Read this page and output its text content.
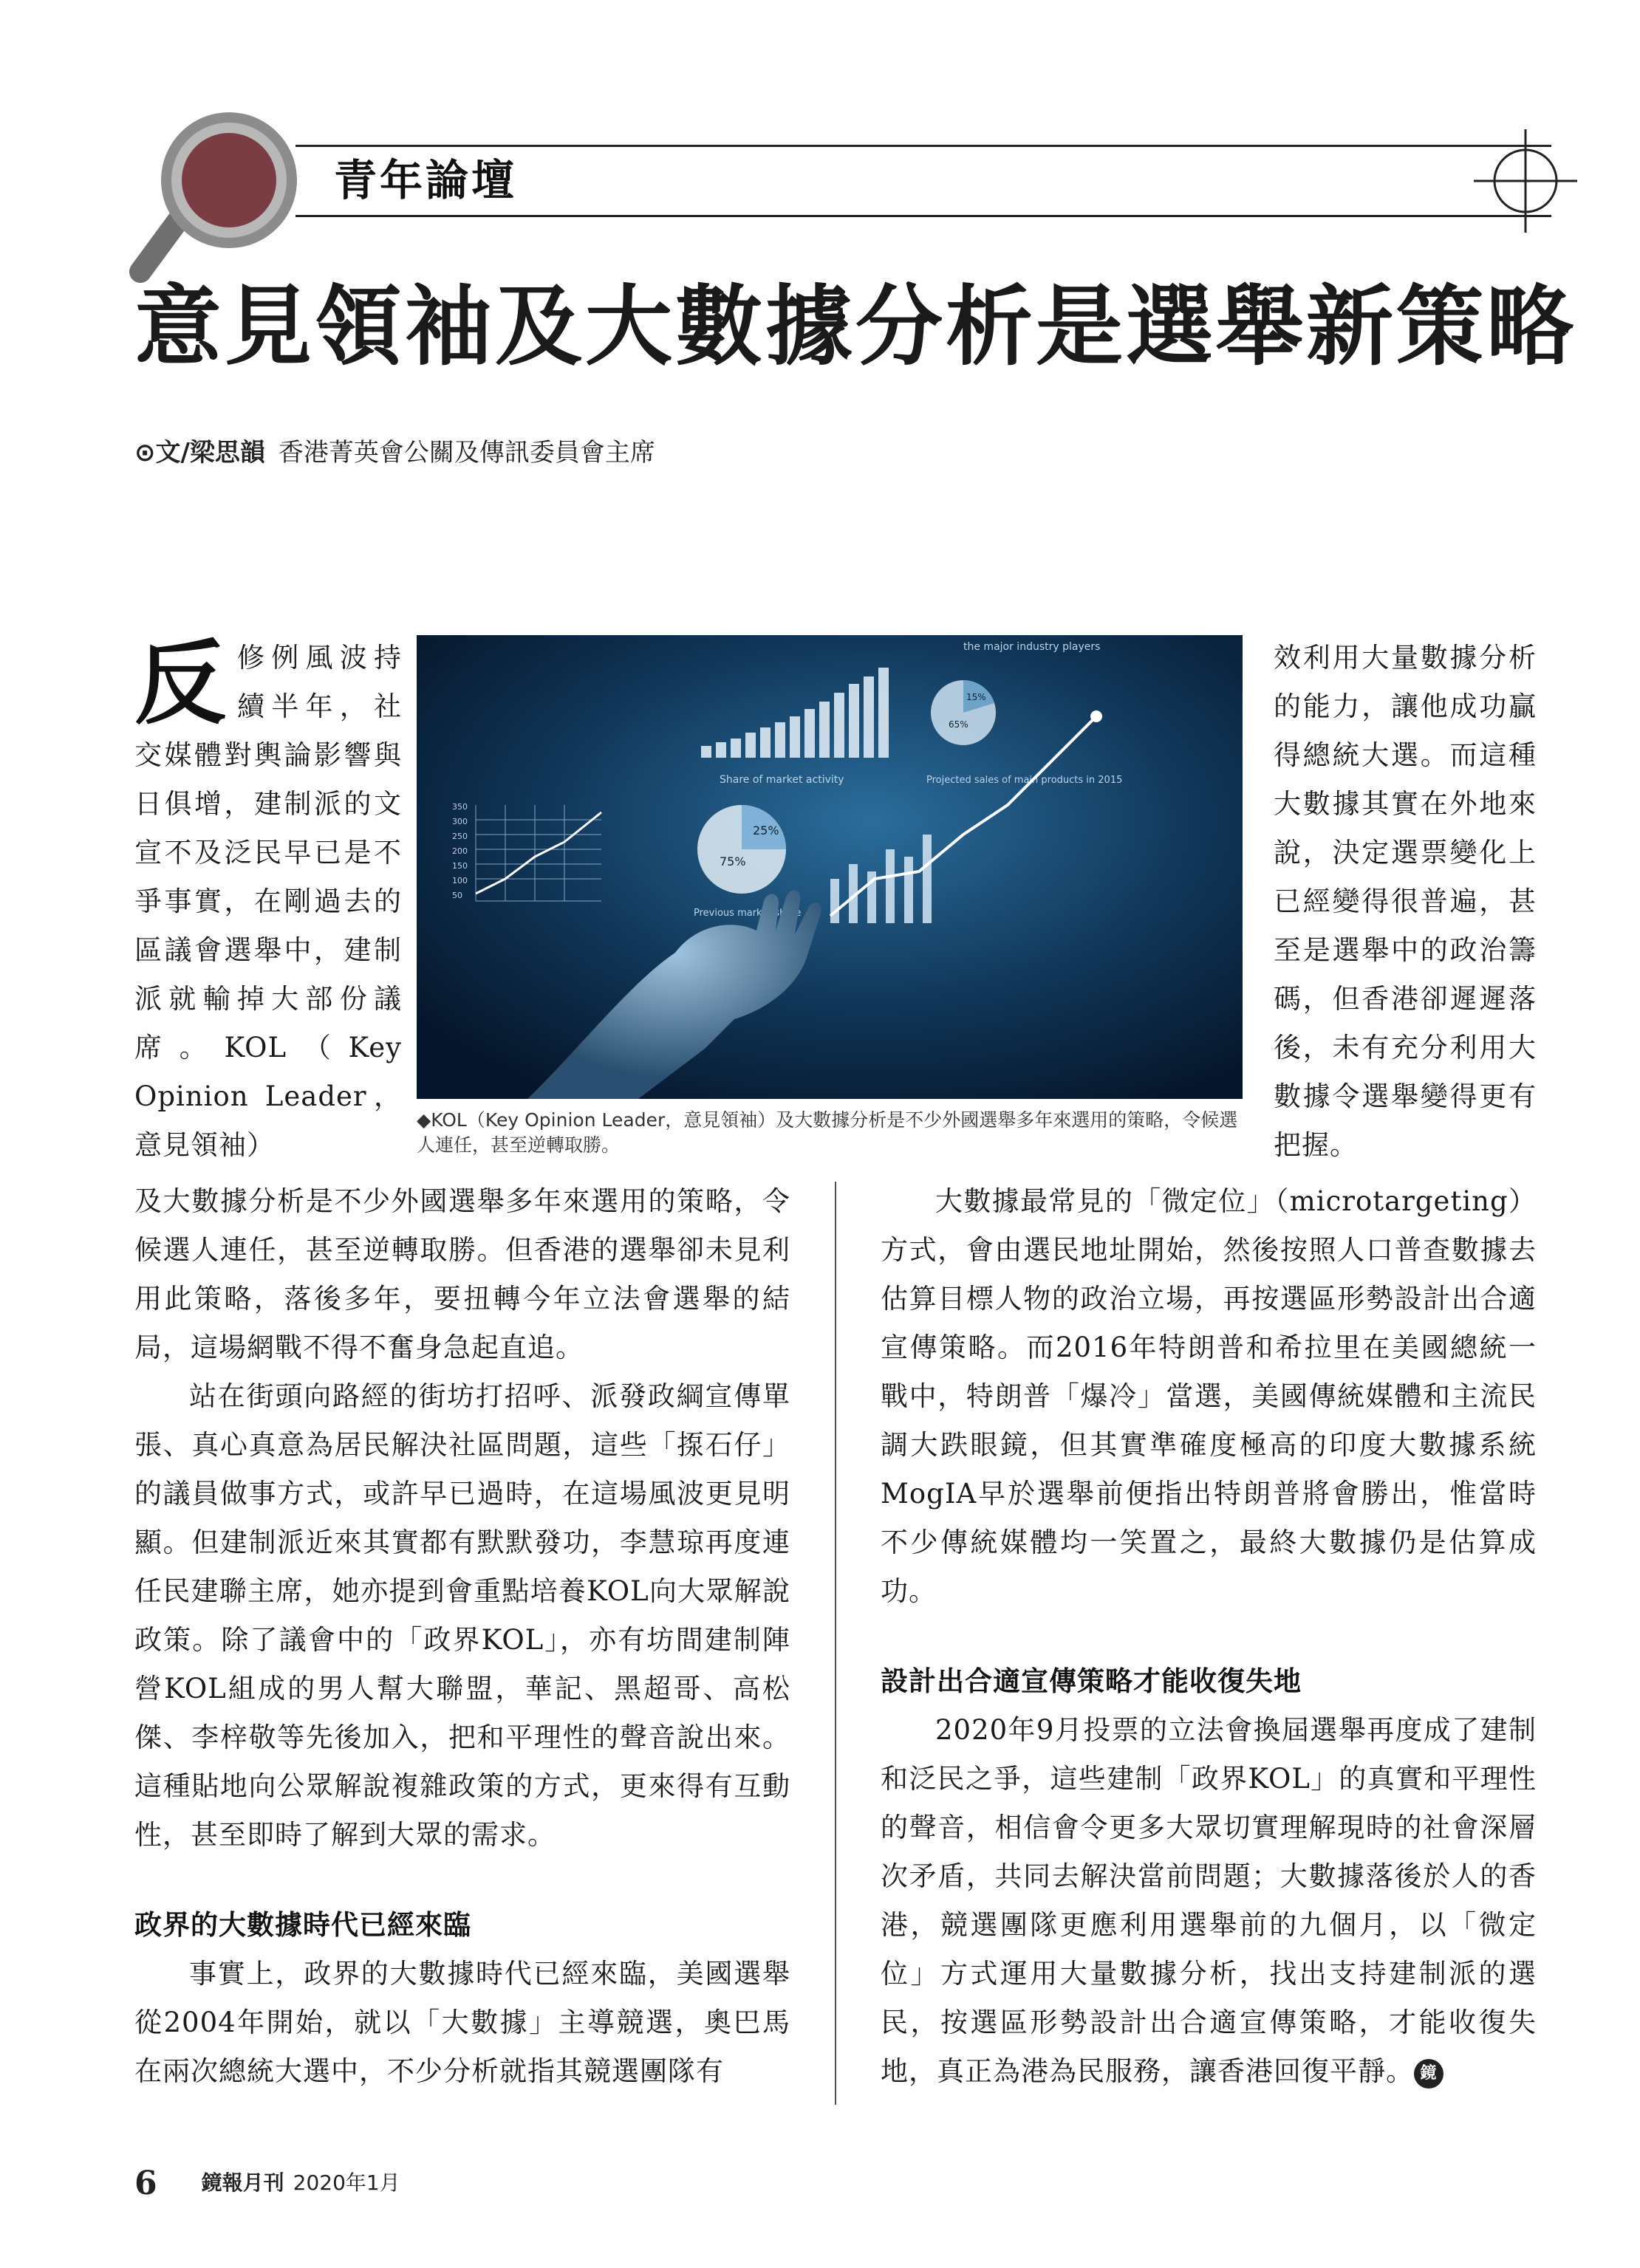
青年論壇
意見領袖及大數據分析是選舉新策略
⊙文/梁思韻 香港菁英會公關及傳訊委員會主席
the major industry players
15%
65%
Share of market activity
25%
75%
350
300
250
200
150
100
50
Previous market share
Projected sales of main products in 2015
◆KOL（Key Opinion Leader，意見領袖）及大數據分析是不少外國選舉多年來選用的策略，令候選人連任，甚至逆轉取勝。
反修例風波持續半年，社交媒體對輿論影響與日俱增，建制派的文宣不及泛民早已是不爭事實，在剛過去的區議會選舉中，建制派就輸掉大部份議席。KOL（Key Opinion Leader，意見領袖）

效利用大量數據分析的能力，讓他成功贏得總統大選。而這種大數據其實在外地來說，決定選票變化上已經變得很普遍，甚至是選舉中的政治籌碼，但香港卻遲遲落後，未有充分利用大數據令選舉變得更有把握。

及大數據分析是不少外國選舉多年來選用的策略，令候選人連任，甚至逆轉取勝。但香港的選舉卻未見利用此策略，落後多年，要扭轉今年立法會選舉的結局，這場網戰不得不奮身急起直追。

站在街頭向路經的街坊打招呼、派發政綱宣傳單張、真心真意為居民解決社區問題，這些「揼石仔」的議員做事方式，或許早已過時，在這場風波更見明顯。但建制派近來其實都有默默發功，李慧琼再度連任民建聯主席，她亦提到會重點培養KOL向大眾解說政策。除了議會中的「政界KOL」，亦有坊間建制陣營KOL組成的男人幫大聯盟，華記、黑超哥、高松傑、李梓敬等先後加入，把和平理性的聲音說出來。這種貼地向公眾解說複雜政策的方式，更來得有互動性，甚至即時了解到大眾的需求。

政界的大數據時代已經來臨

事實上，政界的大數據時代已經來臨，美國選舉從2004年開始，就以「大數據」主導競選，奧巴馬在兩次總統大選中，不少分析就指其競選團隊有

大數據最常見的「微定位」（microtargeting）方式，會由選民地址開始，然後按照人口普查數據去估算目標人物的政治立場，再按選區形勢設計出合適宣傳策略。而2016年特朗普和希拉里在美國總統一戰中，特朗普「爆冷」當選，美國傳統媒體和主流民調大跌眼鏡，但其實準確度極高的印度大數據系統MogIA早於選舉前便指出特朗普將會勝出，惟當時不少傳統媒體均一笑置之，最終大數據仍是估算成功。

設計出合適宣傳策略才能收復失地

2020年9月投票的立法會換屆選舉再度成了建制和泛民之爭，這些建制「政界KOL」的真實和平理性的聲音，相信會令更多大眾切實理解現時的社會深層次矛盾，共同去解決當前問題；大數據落後於人的香港，競選團隊更應利用選舉前的九個月，以「微定位」方式運用大量數據分析，找出支持建制派的選民，按選區形勢設計出合適宣傳策略，才能收復失地，真正為港為民服務，讓香港回復平靜。 鏡

6 鏡報月刊 2020年1月
